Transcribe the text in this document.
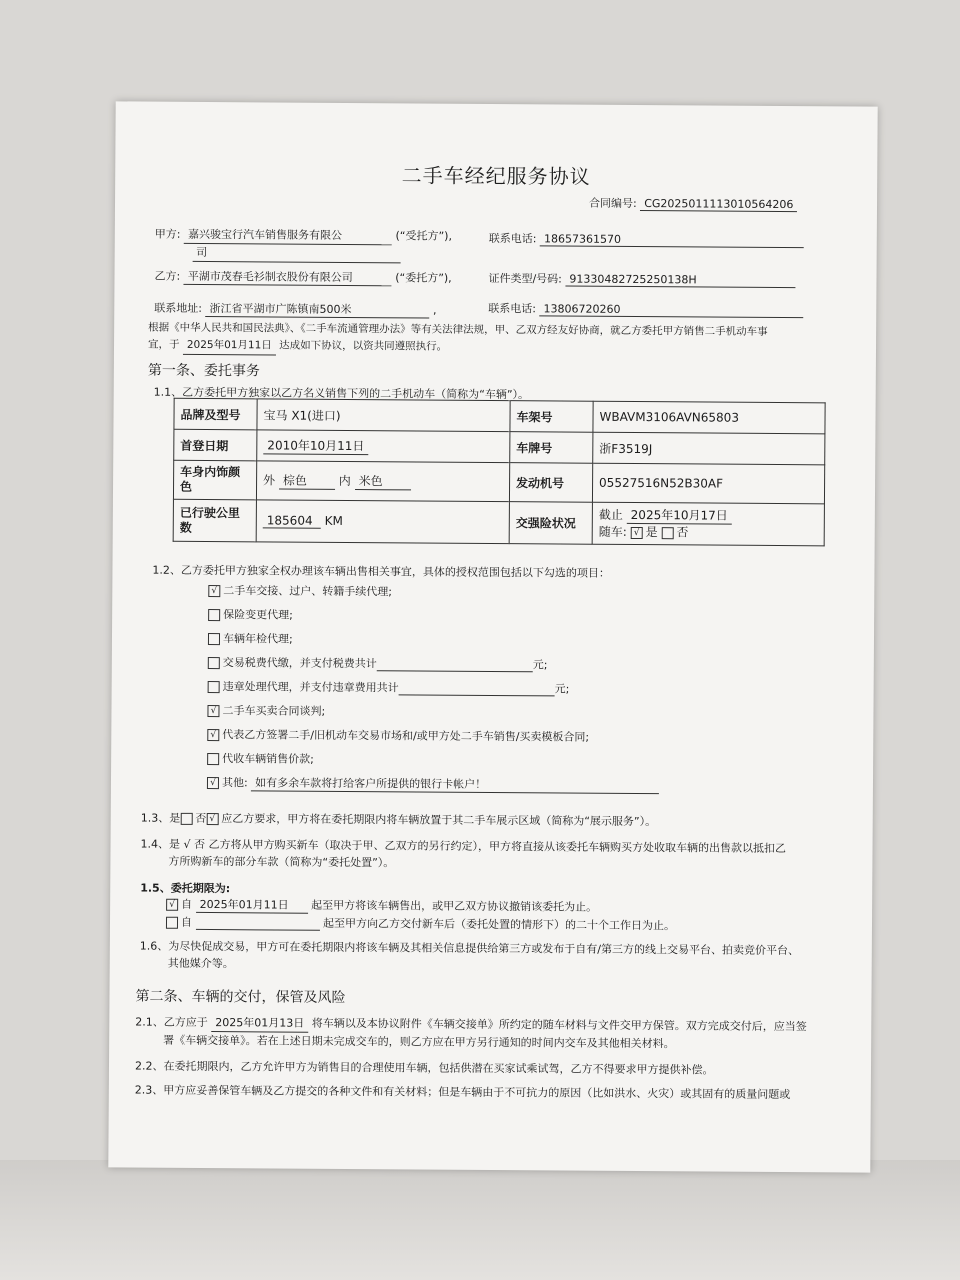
二手车经纪服务协议
合同编号: CG2025011113010564206
甲方: 嘉兴骏宝行汽车销售服务有限公	(“受托方”),
司
联系电话: 18657361570
乙方: 平湖市茂春毛衫制衣股份有限公司	(“委托方”),	证件类型/号码: 91330482725250138H
联系地址: 浙江省平湖市广陈镇南500米	,	联系电话: 13806720260
根据《中华人民共和国民法典》、《二手车流通管理办法》等有关法律法规，甲、乙双方经友好协商，就乙方委托甲方销售二手机动车事
宜，于 2025年01月11日 达成如下协议，以资共同遵照执行。
第一条、委托事务
1.1、乙方委托甲方独家以乙方名义销售下列的二手机动车（简称为“车辆”）。
品牌及型号	宝马 X1(进口)	车架号	WBAVM3106AVN65803
首登日期	2010年10月11日	车牌号	浙F3519J
车身内饰颜
色	外 棕色 内 米色	发动机号	05527516N52B30AF
已行驶公里
数	185604 KM	交强险状况	截止 2025年10月17日
随车: √ 是 否
1.2、乙方委托甲方独家全权办理该车辆出售相关事宜，具体的授权范围包括以下勾选的项目：
√ 二手车交接、过户、转籍手续代理;
保险变更代理;
车辆年检代理;
交易税费代缴，并支付税费共计	元;
违章处理代理，并支付违章费用共计	元;
√ 二手车买卖合同谈判;
√ 代表乙方签署二手/旧机动车交易市场和/或甲方处二手车销售/买卖模板合同;
代收车辆销售价款;
√ 其他: 如有多余车款将打给客户所提供的银行卡帐户！
1.3、是 否 √ 应乙方要求，甲方将在委托期限内将车辆放置于其二手车展示区域（简称为“展示服务”）。
1.4、是 √ 否 乙方将从甲方购买新车（取决于甲、乙双方的另行约定），甲方将直接从该委托车辆购买方处收取车辆的出售款以抵扣乙
方所购新车的部分车款（简称为“委托处置”）。
1.5、委托期限为:
√ 自 2025年01月11日 起至甲方将该车辆售出，或甲乙双方协议撤销该委托为止。
自	起至甲方向乙方交付新车后（委托处置的情形下）的二十个工作日为止。
1.6、为尽快促成交易，甲方可在委托期限内将该车辆及其相关信息提供给第三方或发布于自有/第三方的线上交易平台、拍卖竞价平台、
其他媒介等。
第二条、车辆的交付，保管及风险
2.1、乙方应于 2025年01月13日 将车辆以及本协议附件《车辆交接单》所约定的随车材料与文件交甲方保管。双方完成交付后，应当签
署《车辆交接单》。若在上述日期未完成交车的，则乙方应在甲方另行通知的时间内交车及其他相关材料。
2.2、在委托期限内，乙方允许甲方为销售目的合理使用车辆，包括供潜在买家试乘试驾，乙方不得要求甲方提供补偿。
2.3、甲方应妥善保管车辆及乙方提交的各种文件和有关材料；但是车辆由于不可抗力的原因（比如洪水、火灾）或其固有的质量问题或
